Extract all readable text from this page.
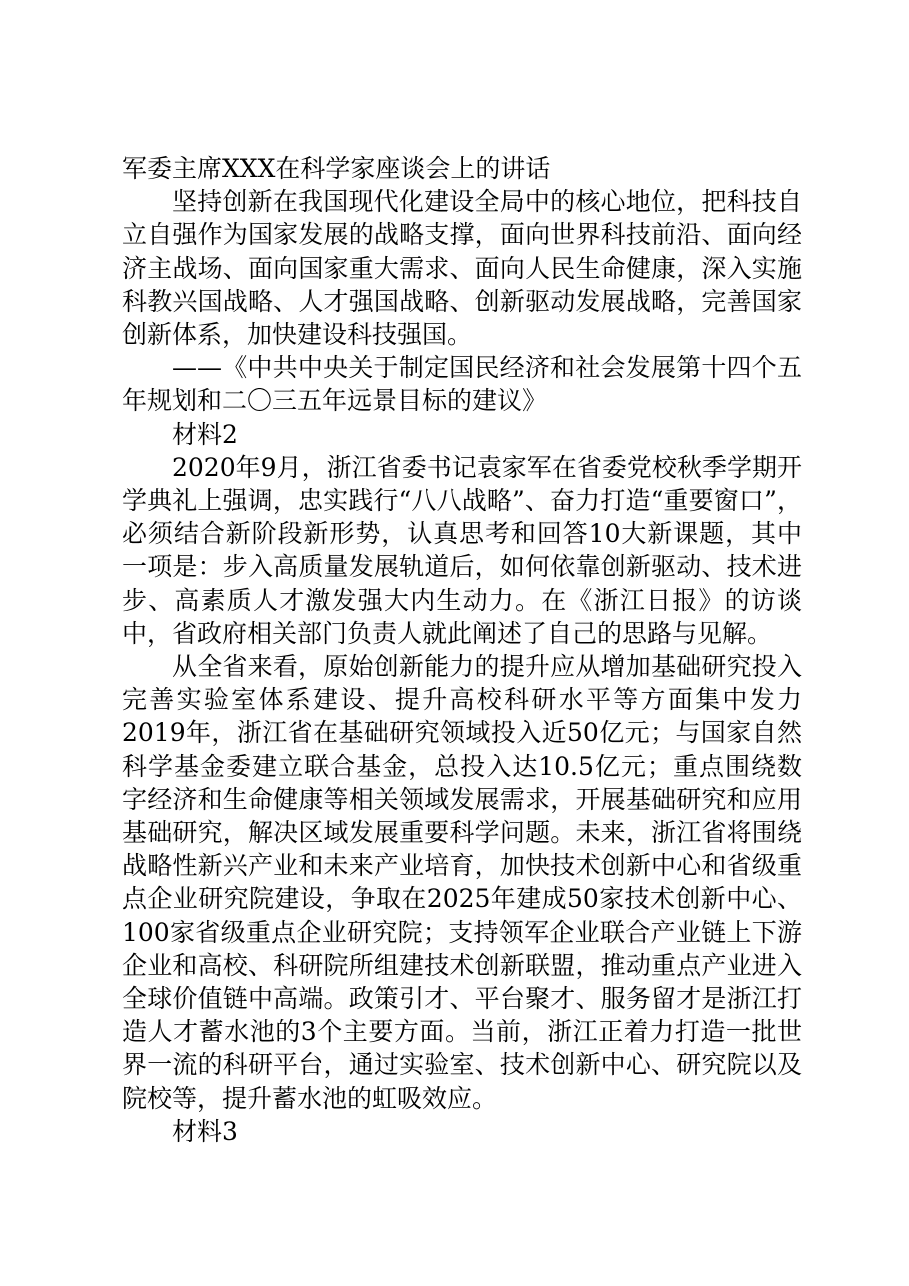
军委主席XXX在科学家座谈会上的讲话

坚持创新在我国现代化建设全局中的核心地位，把科技自立自强作为国家发展的战略支撑，面向世界科技前沿、面向经济主战场、面向国家重大需求、面向人民生命健康，深入实施科教兴国战略、人才强国战略、创新驱动发展战略，完善国家创新体系，加快建设科技强国。

——《中共中央关于制定国民经济和社会发展第十四个五年规划和二〇三五年远景目标的建议》

材料2

2020年9月，浙江省委书记袁家军在省委党校秋季学期开学典礼上强调，忠实践行“八八战略”、奋力打造“重要窗口”，必须结合新阶段新形势，认真思考和回答10大新课题，其中一项是：步入高质量发展轨道后，如何依靠创新驱动、技术进步、高素质人才激发强大内生动力。在《浙江日报》的访谈中，省政府相关部门负责人就此阐述了自己的思路与见解。

从全省来看，原始创新能力的提升应从增加基础研究投入完善实验室体系建设、提升高校科研水平等方面集中发力2019年，浙江省在基础研究领域投入近50亿元；与国家自然科学基金委建立联合基金，总投入达10.5亿元；重点围绕数字经济和生命健康等相关领域发展需求，开展基础研究和应用基础研究，解决区域发展重要科学问题。未来，浙江省将围绕战略性新兴产业和未来产业培育，加快技术创新中心和省级重点企业研究院建设，争取在2025年建成50家技术创新中心、100家省级重点企业研究院；支持领军企业联合产业链上下游企业和高校、科研院所组建技术创新联盟，推动重点产业进入全球价值链中高端。政策引才、平台聚才、服务留才是浙江打造人才蓄水池的3个主要方面。当前，浙江正着力打造一批世界一流的科研平台，通过实验室、技术创新中心、研究院以及院校等，提升蓄水池的虹吸效应。

材料3
